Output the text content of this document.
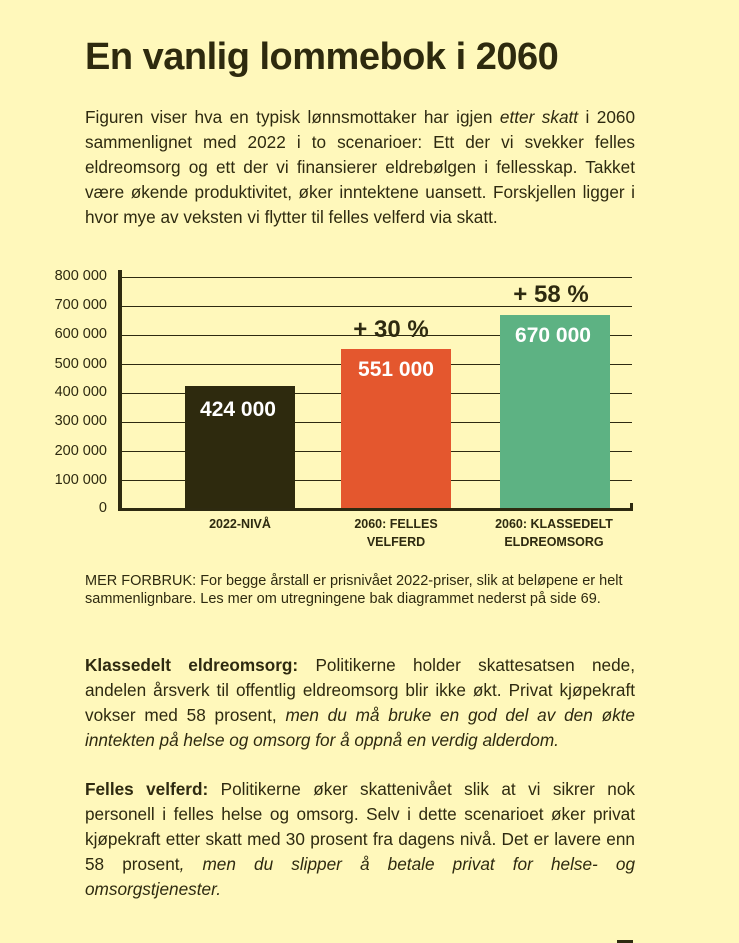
En vanlig lommebok i 2060

Figuren viser hva en typisk lønnsmottaker har igjen etter skatt i 2060 sammenlignet med 2022 i to scenarioer: Ett der vi svekker felles eldreomsorg og ett der vi finansierer eldrebølgen i fellesskap. Takket være økende produktivitet, øker inntektene uansett. Forskjellen ligger i hvor mye av veksten vi flytter til felles velferd via skatt.

0
100 000
200 000
300 000
400 000
500 000
600 000
700 000
800 000
424 000
551 000
+ 30 %	670 000
+ 58 %
2022-NIVÅ	2060: FELLES
VELFERD
2060: KLASSEDELT
ELDREOMSORG

MER FORBRUK: For begge årstall er prisnivået 2022-priser, slik at beløpene er helt sammenlignbare. Les mer om utregningene bak diagrammet nederst på side 69.

Klassedelt eldreomsorg: Politikerne holder skattesatsen nede, andelen årsverk til offentlig eldreomsorg blir ikke økt. Privat kjøpekraft vokser med 58 prosent, men du må bruke en god del av den økte inntekten på helse og omsorg for å oppnå en verdig alderdom.

Felles velferd: Politikerne øker skattenivået slik at vi sikrer nok personell i felles helse og omsorg. Selv i dette scenarioet øker privat kjøpekraft etter skatt med 30 prosent fra dagens nivå. Det er lavere enn 58 prosent, men du slipper å betale privat for helse- og omsorgstjenester.
